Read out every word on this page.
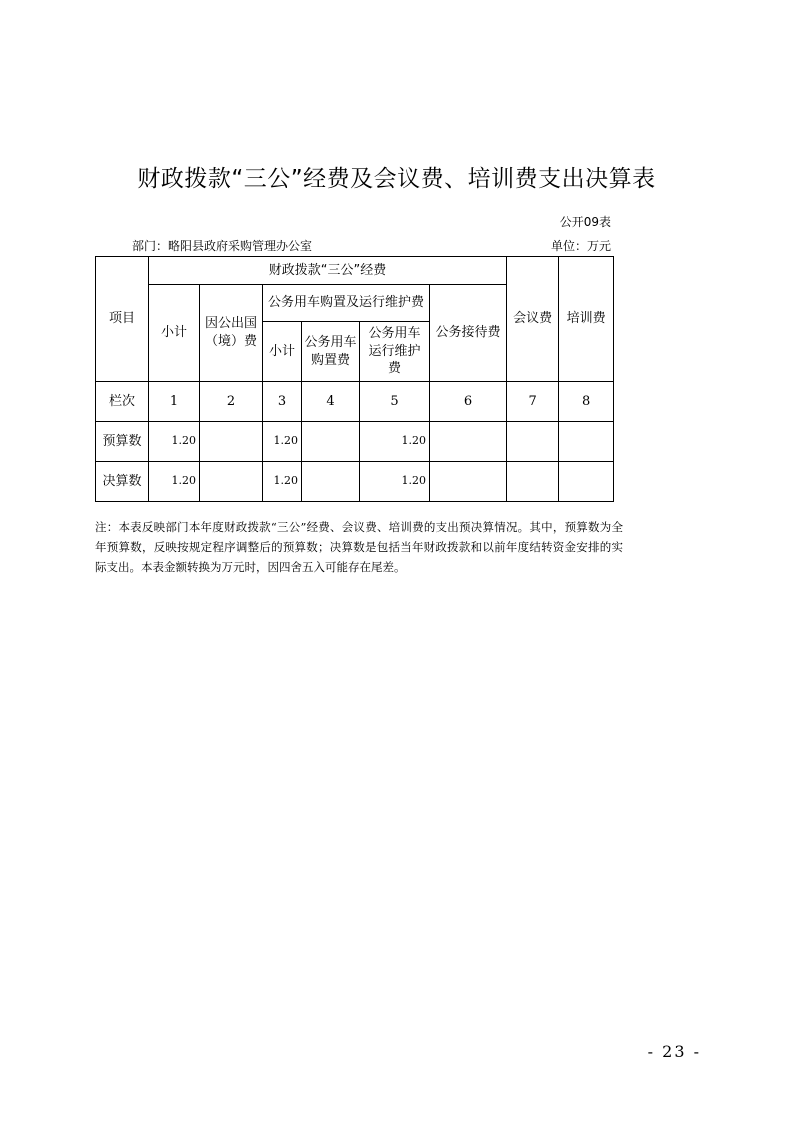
财政拨款“三公”经费及会议费、培训费支出决算表
公开09表
部门：略阳县政府采购管理办公室	单位：万元
项目	财政拨款“三公”经费						会议费	培训费
	小计	因公出国（境）费	公务用车购置及运行维护费			公务接待费		
			小计	公务用车购置费	公务用车运行维护费			

栏次	1	2	3	4	5	6	7	8
预算数	1.20		1.20		1.20			
决算数	1.20		1.20		1.20			
注：本表反映部门本年度财政拨款“三公”经费、会议费、培训费的支出预决算情况。其中，预算数为全年预算数，反映按规定程序调整后的预算数；决算数是包括当年财政拨款和以前年度结转资金安排的实际支出。本表金额转换为万元时，因四舍五入可能存在尾差。
- 23 -
